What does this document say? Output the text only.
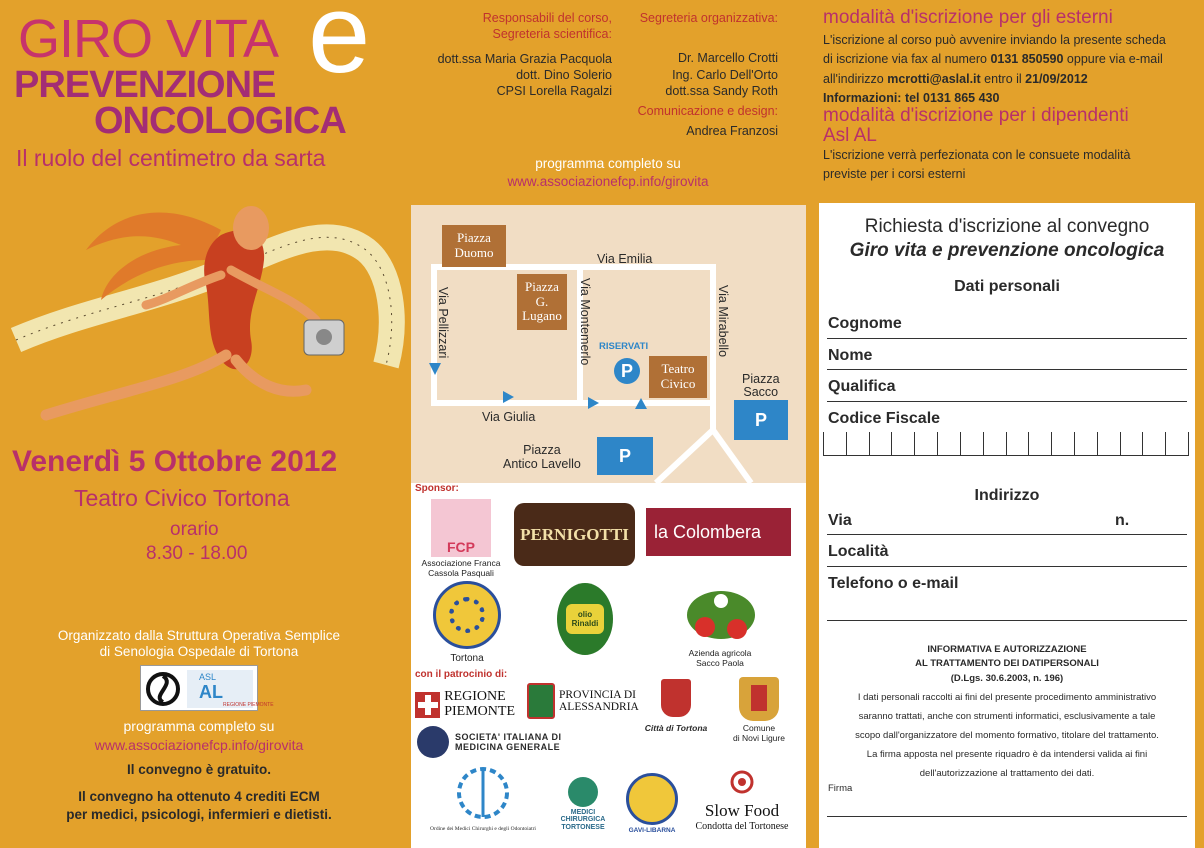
GIRO VITA
PREVENZIONE
ONCOLOGICA
e
Il ruolo del centimetro da sarta
Venerdì 5 Ottobre 2012
Teatro Civico Tortona
orario
8.30 - 18.00
Organizzato dalla Struttura Operativa Semplice
di Senologia Ospedale di Tortona
ASL
AL
REGIONE PIEMONTE
programma completo su
www.associazionefcp.info/girovita
Il convegno è gratuito.
Il convegno ha ottenuto 4 crediti ECM
per medici, psicologi, infermieri e dietisti.
Responsabili del corso,
Segreteria scientifica:
dott.ssa Maria Grazia Pacquola
dott. Dino Solerio
CPSI Lorella Ragalzi
Segreteria organizzativa:
Dr. Marcello Crotti
Ing. Carlo Dell'Orto
dott.ssa Sandy Roth
Comunicazione e design:
Andrea Franzosi
programma completo su
www.associazionefcp.info/girovita
modalità d'iscrizione per gli esterni
L'iscrizione al corso può avvenire inviando la presente scheda
di iscrizione via fax al numero 0131 850590 oppure via e-mail
all'indirizzo mcrotti@aslal.it entro il 21/09/2012
Informazioni: tel 0131 865 430
modalità d'iscrizione per i dipendenti
Asl AL
L'iscrizione verrà perfezionata con le consuete modalità
previste per i corsi esterni
Piazza
Duomo
Piazza
G.
Lugano
Teatro
Civico
Via Emilia
Via Pellizzari	Via Montemerlo	Via Mirabello
Via Giulia
Piazza
Sacco
Piazza
Antico Lavello
RISERVATI
P
P
P
Sponsor:
FCP
Associazione Franca
Cassola Pasquali
PERNIGOTTI la Colombera
Tortona
olio Rinaldi
Azienda agricola
Sacco Paola
con il patrocinio di:
REGIONE
PIEMONTE
PROVINCIA DI
ALESSANDRIA
Città di Tortona	Comune
di Novi Ligure
SOCIETA' ITALIANA DI
MEDICINA GENERALE
Ordine dei Medici Chirurghi e degli Odontoiatri
MEDICI
CHIRURGICA
TORTONESE	GAVI-LIBARNA
Slow Food
Condotta del Tortonese
Richiesta d'iscrizione al convegno
Giro vita e prevenzione oncologica
Dati personali
Cognome
Nome
Qualifica
Codice Fiscale
Indirizzo
Via	n.
Località
Telefono o e-mail
INFORMATIVA E AUTORIZZAZIONE
AL TRATTAMENTO DEI DATIPERSONALI
(D.Lgs. 30.6.2003, n. 196)
I dati personali raccolti ai fini del presente procedimento amministrativo
saranno trattati, anche con strumenti informatici, esclusivamente a tale
scopo dall'organizzatore del momento formativo, titolare del trattamento.
La firma apposta nel presente riquadro è da intendersi valida ai fini
dell'autorizzazione al trattamento dei dati.
Firma
